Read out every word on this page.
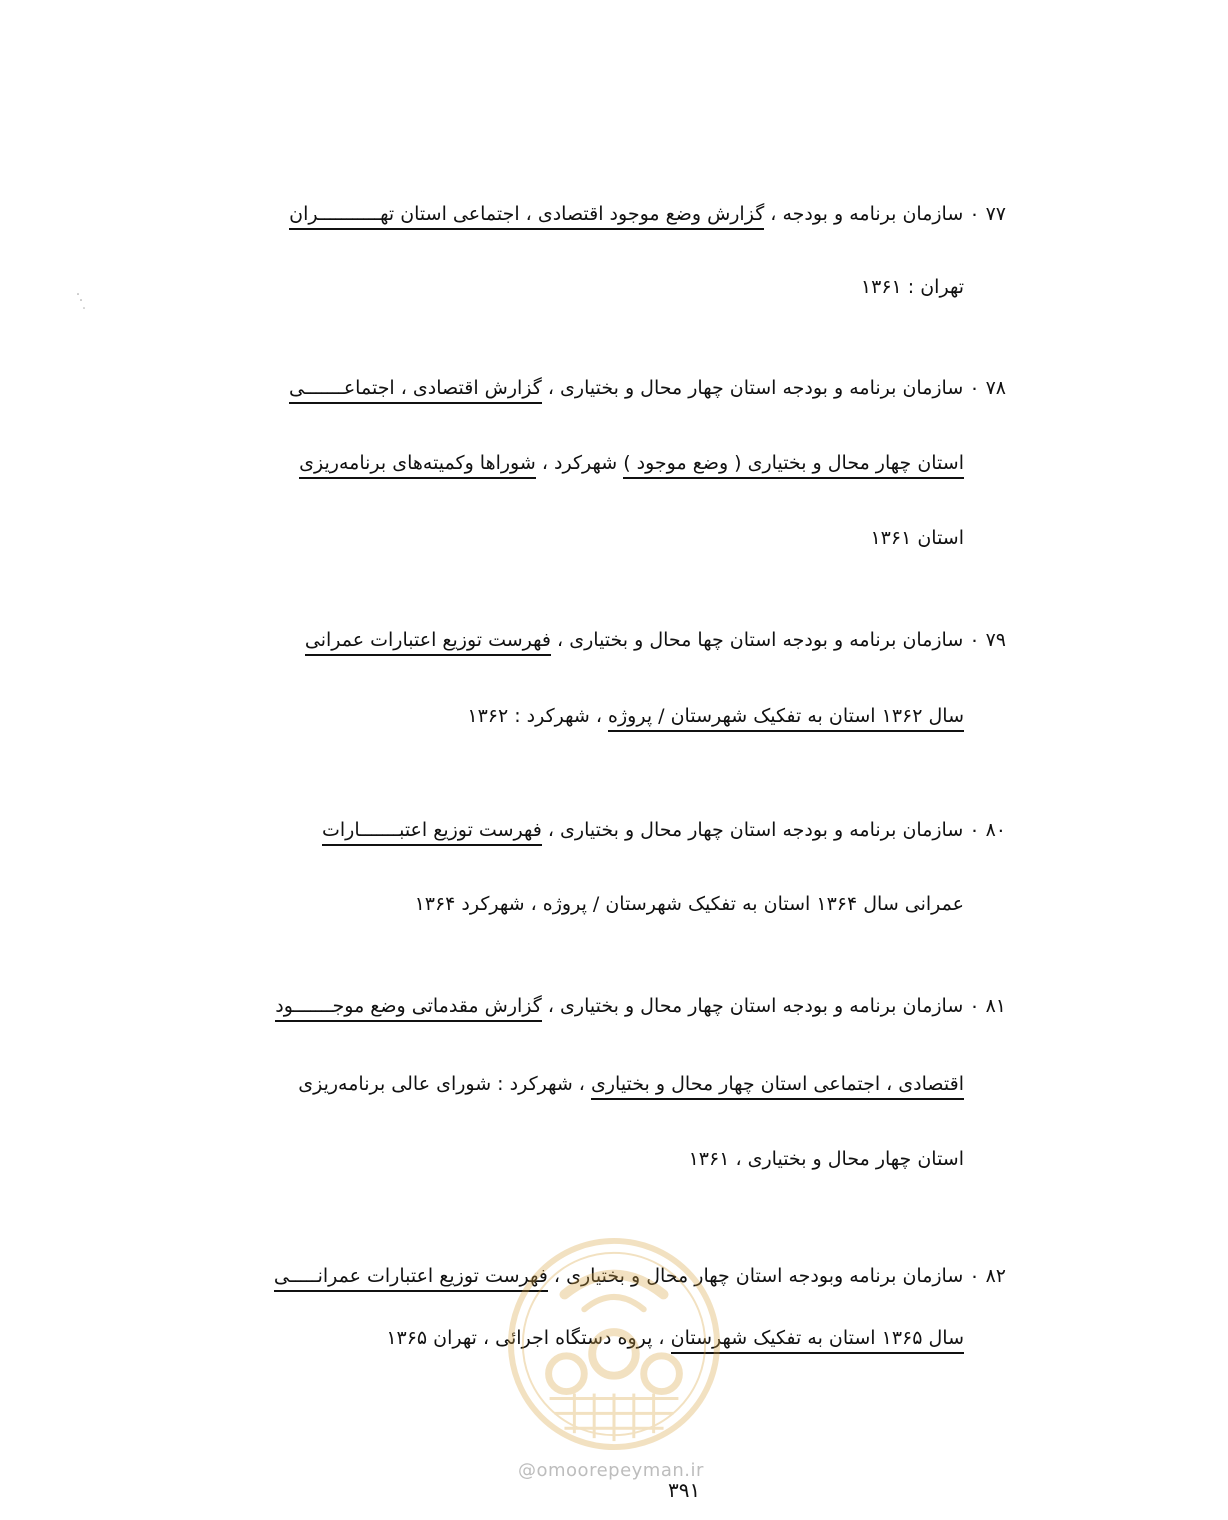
۷۷ ۰ سازمان برنامه و بودجه ، گزارش وضع موجود اقتصادی ، اجتماعی استان تهـــــــــــران
تهران : ۱۳۶۱
۷۸ ۰ سازمان برنامه و بودجه استان چهار محال و بختیاری ، گزارش اقتصادی ، اجتماعـــــــی
استان چهار محال و بختیاری ( وضع موجود ) شهرکرد ، شوراها وکمیته‌های برنامه‌ریزی
استان ۱۳۶۱
۷۹ ۰ سازمان برنامه و بودجه استان چها محال و بختیاری ، فهرست توزیع اعتبارات عمرانی
سال ۱۳۶۲ استان به تفکیک شهرستان / پروژه ، شهرکرد : ۱۳۶۲
۸۰ ۰ سازمان برنامه و بودجه استان چهار محال و بختیاری ، فهرست توزیع اعتبـــــــارات
عمرانی سال ۱۳۶۴ استان به تفکیک شهرستان / پروژه ، شهرکرد ۱۳۶۴
۸۱ ۰ سازمان برنامه و بودجه استان چهار محال و بختیاری ، گزارش مقدماتی وضع موجـــــــود
اقتصادی ، اجتماعی استان چهار محال و بختیاری ، شهرکرد : شورای عالی برنامه‌ریزی
استان چهار محال و بختیاری ، ۱۳۶۱
۸۲ ۰ سازمان برنامه وبودجه استان چهار محال و بختیاری ، فهرست توزیع اعتبارات عمرانـــــی
سال ۱۳۶۵ استان به تفکیک شهرستان ، پروه دستگاه اجرائی ، تهران ۱۳۶۵
@omoorepeyman.ir
۳۹۱
